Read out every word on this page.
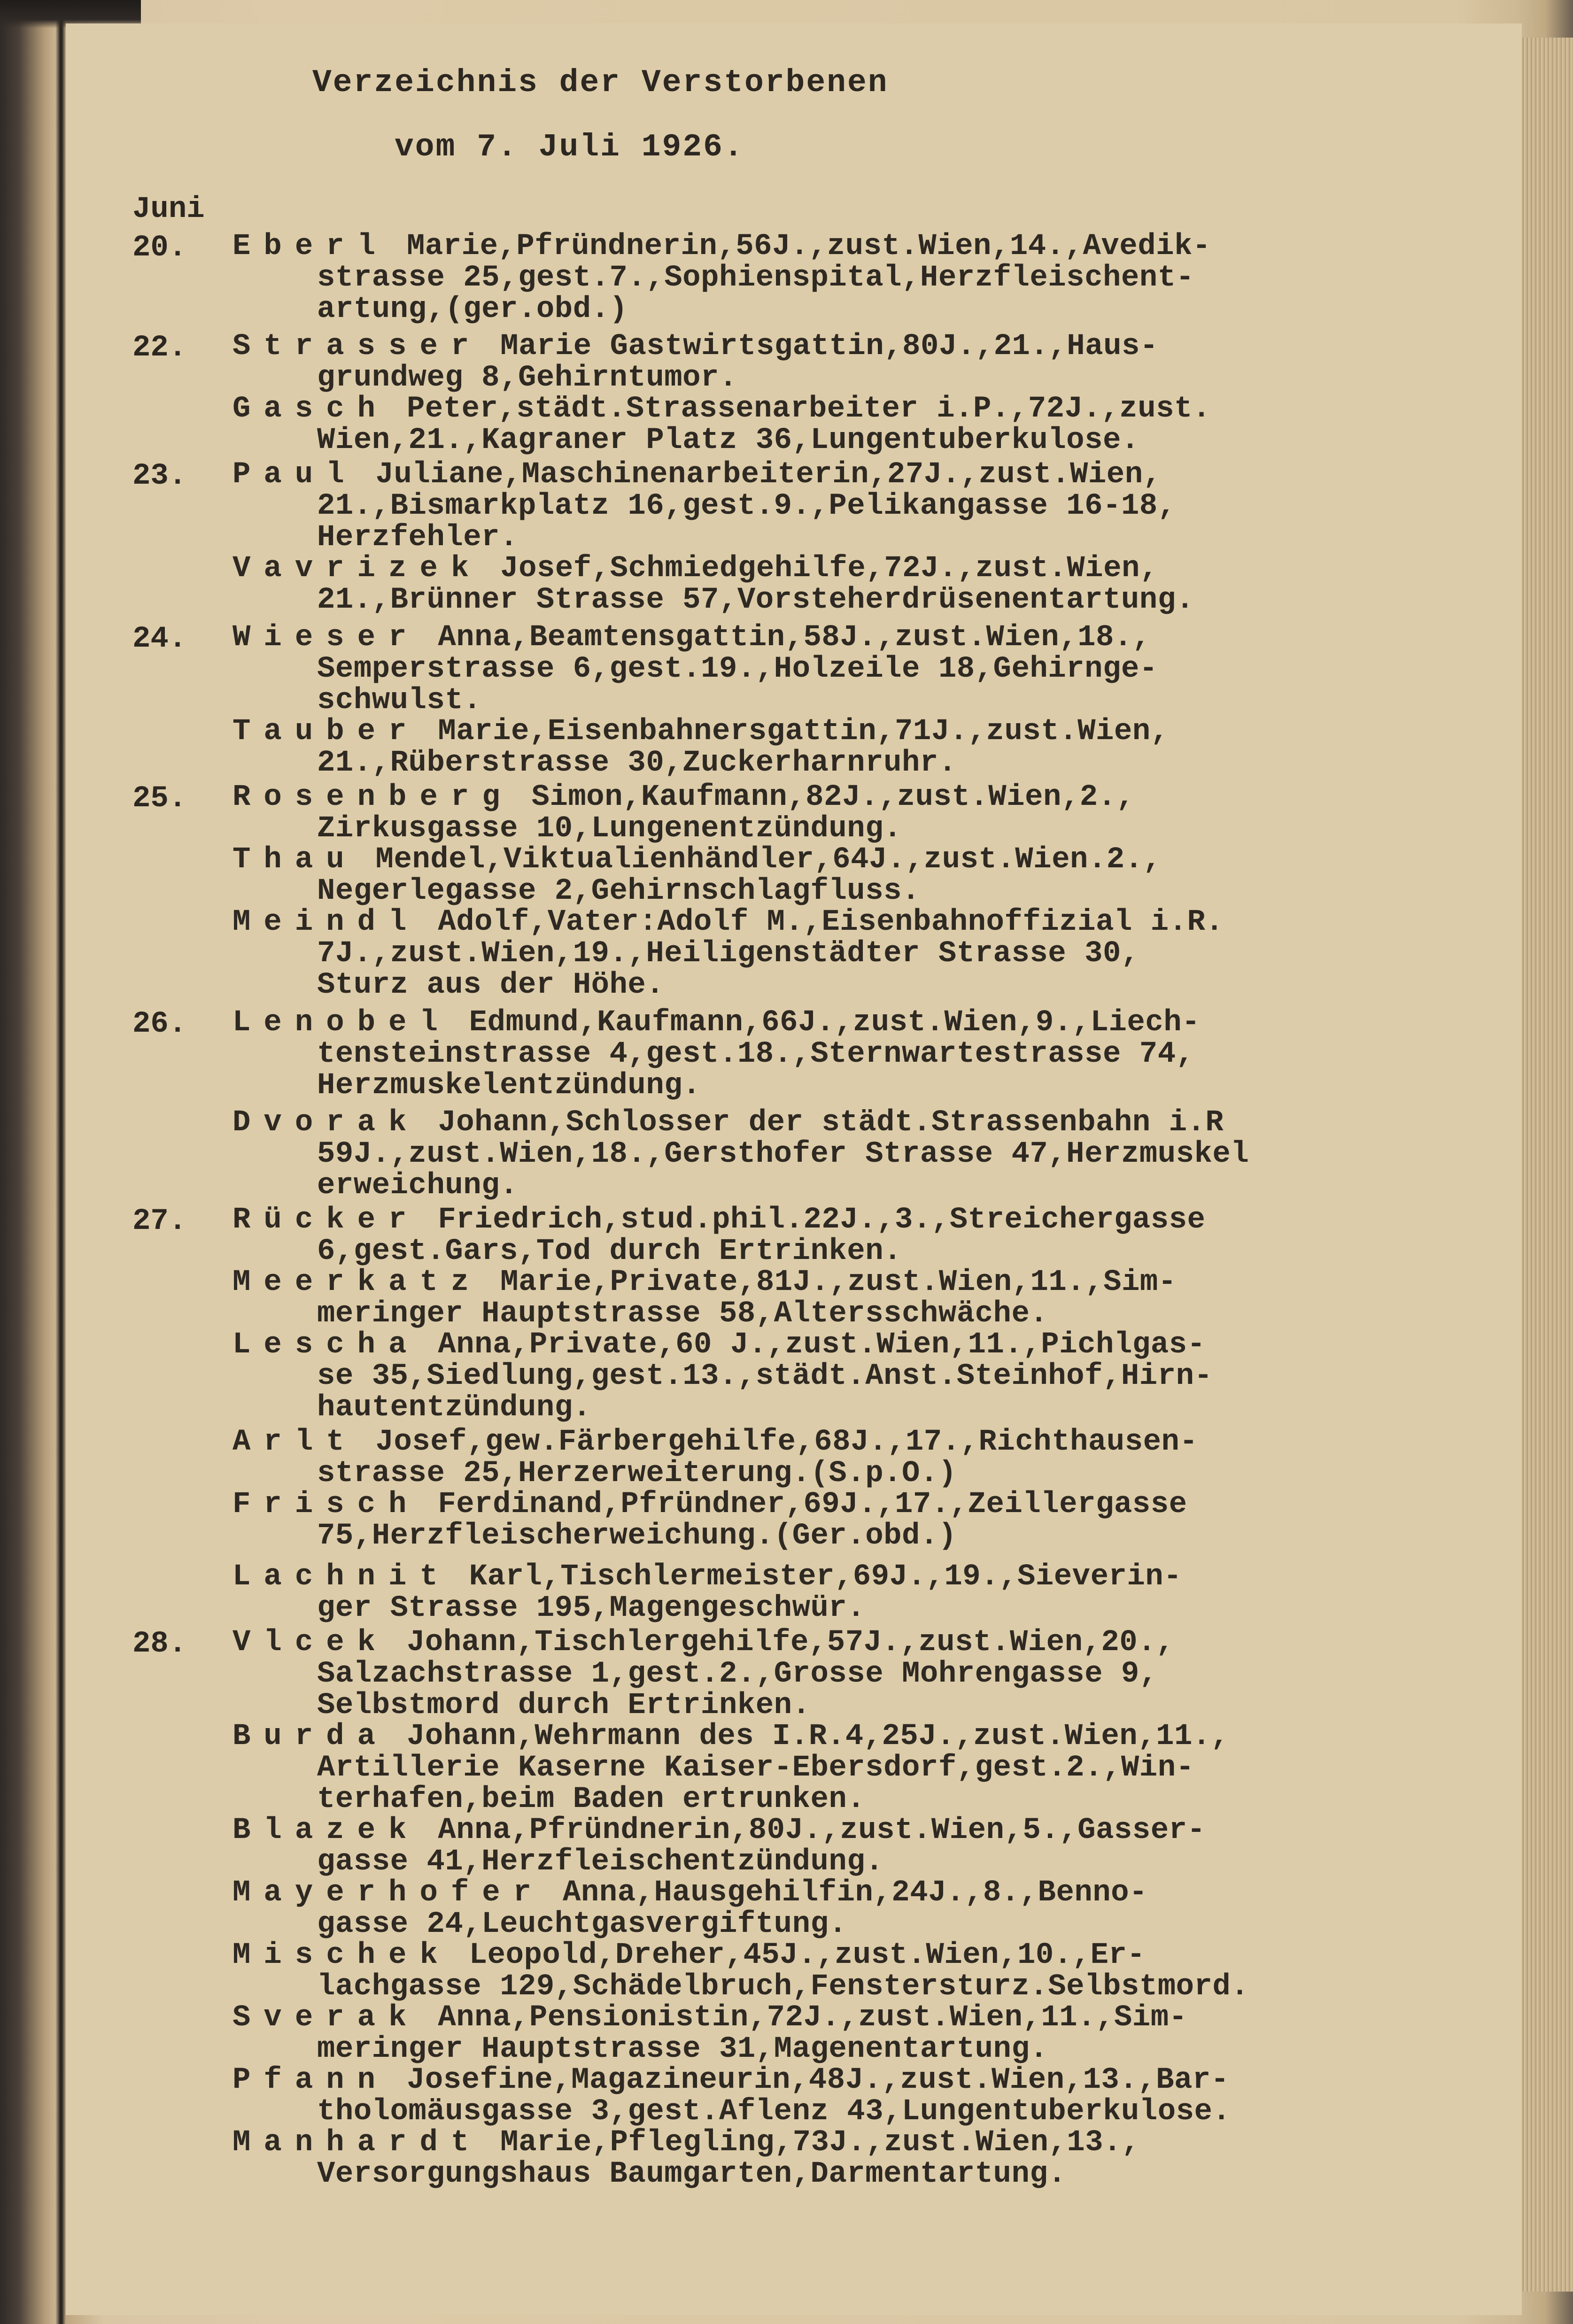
Verzeichnis der Verstorbenen
vom 7. Juli 1926.
Juni
20.
22.
23.
24.
25.
26.
27.
28.
Eberl Marie,Pfründnerin,56J.,zust.Wien,14.,Avedik-
strasse 25,gest.7.,Sophienspital,Herzfleischent-
artung,(ger.obd.)
Strasser Marie Gastwirtsgattin,80J.,21.,Haus-
grundweg 8,Gehirntumor.
Gasch Peter,städt.Strassenarbeiter i.P.,72J.,zust.
Wien,21.,Kagraner Platz 36,Lungentuberkulose.
Paul Juliane,Maschinenarbeiterin,27J.,zust.Wien,
21.,Bismarkplatz 16,gest.9.,Pelikangasse 16-18,
Herzfehler.
Vavrizek Josef,Schmiedgehilfe,72J.,zust.Wien,
21.,Brünner Strasse 57,Vorsteherdrüsenentartung.
Wieser Anna,Beamtensgattin,58J.,zust.Wien,18.,
Semperstrasse 6,gest.19.,Holzeile 18,Gehirnge-
schwulst.
Tauber Marie,Eisenbahnersgattin,71J.,zust.Wien,
21.,Rüberstrasse 30,Zuckerharnruhr.
Rosenberg Simon,Kaufmann,82J.,zust.Wien,2.,
Zirkusgasse 10,Lungenentzündung.
Thau Mendel,Viktualienhändler,64J.,zust.Wien.2.,
Negerlegasse 2,Gehirnschlagfluss.
Meindl Adolf,Vater:Adolf M.,Eisenbahnoffizial i.R.
7J.,zust.Wien,19.,Heiligenstädter Strasse 30,
Sturz aus der Höhe.
Lenobel Edmund,Kaufmann,66J.,zust.Wien,9.,Liech-
tensteinstrasse 4,gest.18.,Sternwartestrasse 74,
Herzmuskelentzündung.
Dvorak Johann,Schlosser der städt.Strassenbahn i.R
59J.,zust.Wien,18.,Gersthofer Strasse 47,Herzmuskel
erweichung.
Rücker Friedrich,stud.phil.22J.,3.,Streichergasse
6,gest.Gars,Tod durch Ertrinken.
Meerkatz Marie,Private,81J.,zust.Wien,11.,Sim-
meringer Hauptstrasse 58,Altersschwäche.
Lescha Anna,Private,60 J.,zust.Wien,11.,Pichlgas-
se 35,Siedlung,gest.13.,städt.Anst.Steinhof,Hirn-
hautentzündung.
Arlt Josef,gew.Färbergehilfe,68J.,17.,Richthausen-
strasse 25,Herzerweiterung.(S.p.O.)
Frisch Ferdinand,Pfründner,69J.,17.,Zeillergasse
75,Herzfleischerweichung.(Ger.obd.)
Lachnit Karl,Tischlermeister,69J.,19.,Sieverin-
ger Strasse 195,Magengeschwür.
Vlcek Johann,Tischlergehilfe,57J.,zust.Wien,20.,
Salzachstrasse 1,gest.2.,Grosse Mohrengasse 9,
Selbstmord durch Ertrinken.
Burda Johann,Wehrmann des I.R.4,25J.,zust.Wien,11.,
Artillerie Kaserne Kaiser-Ebersdorf,gest.2.,Win-
terhafen,beim Baden ertrunken.
Blazek Anna,Pfründnerin,80J.,zust.Wien,5.,Gasser-
gasse 41,Herzfleischentzündung.
Mayerhofer Anna,Hausgehilfin,24J.,8.,Benno-
gasse 24,Leuchtgasvergiftung.
Mischek Leopold,Dreher,45J.,zust.Wien,10.,Er-
lachgasse 129,Schädelbruch,Fenstersturz.Selbstmord.
Sverak Anna,Pensionistin,72J.,zust.Wien,11.,Sim-
meringer Hauptstrasse 31,Magenentartung.
Pfann Josefine,Magazineurin,48J.,zust.Wien,13.,Bar-
tholomäusgasse 3,gest.Aflenz 43,Lungentuberkulose.
Manhardt Marie,Pflegling,73J.,zust.Wien,13.,
Versorgungshaus Baumgarten,Darmentartung.
